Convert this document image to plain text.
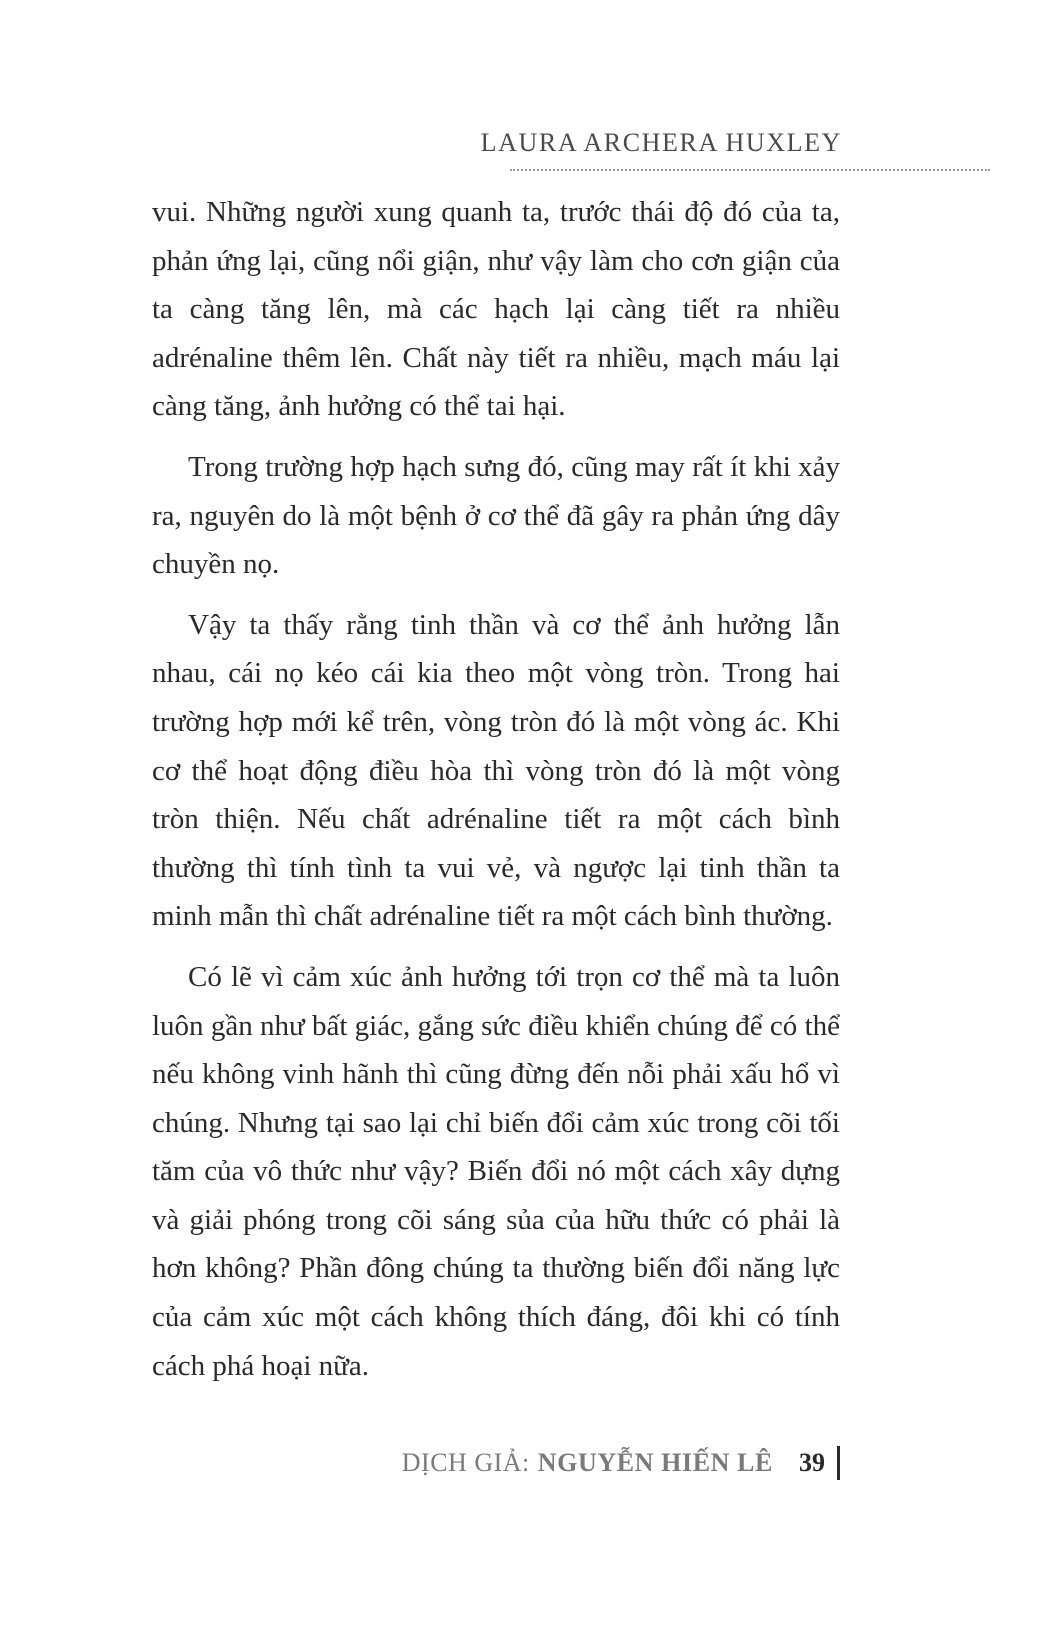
LAURA ARCHERA HUXLEY

vui. Những người xung quanh ta, trước thái độ đó của ta, phản ứng lại, cũng nổi giận, như vậy làm cho cơn giận của ta càng tăng lên, mà các hạch lại càng tiết ra nhiều adrénaline thêm lên. Chất này tiết ra nhiều, mạch máu lại càng tăng, ảnh hưởng có thể tai hại.

Trong trường hợp hạch sưng đó, cũng may rất ít khi xảy ra, nguyên do là một bệnh ở cơ thể đã gây ra phản ứng dây chuyền nọ.

Vậy ta thấy rằng tinh thần và cơ thể ảnh hưởng lẫn nhau, cái nọ kéo cái kia theo một vòng tròn. Trong hai trường hợp mới kể trên, vòng tròn đó là một vòng ác. Khi cơ thể hoạt động điều hòa thì vòng tròn đó là một vòng tròn thiện. Nếu chất adrénaline tiết ra một cách bình thường thì tính tình ta vui vẻ, và ngược lại tinh thần ta minh mẫn thì chất adrénaline tiết ra một cách bình thường.

Có lẽ vì cảm xúc ảnh hưởng tới trọn cơ thể mà ta luôn luôn gần như bất giác, gắng sức điều khiển chúng để có thể nếu không vinh hãnh thì cũng đừng đến nỗi phải xấu hổ vì chúng. Nhưng tại sao lại chỉ biến đổi cảm xúc trong cõi tối tăm của vô thức như vậy? Biến đổi nó một cách xây dựng và giải phóng trong cõi sáng sủa của hữu thức có phải là hơn không? Phần đông chúng ta thường biến đổi năng lực của cảm xúc một cách không thích đáng, đôi khi có tính cách phá hoại nữa.

DỊCH GIẢ: NGUYỄN HIẾN LÊ 39
